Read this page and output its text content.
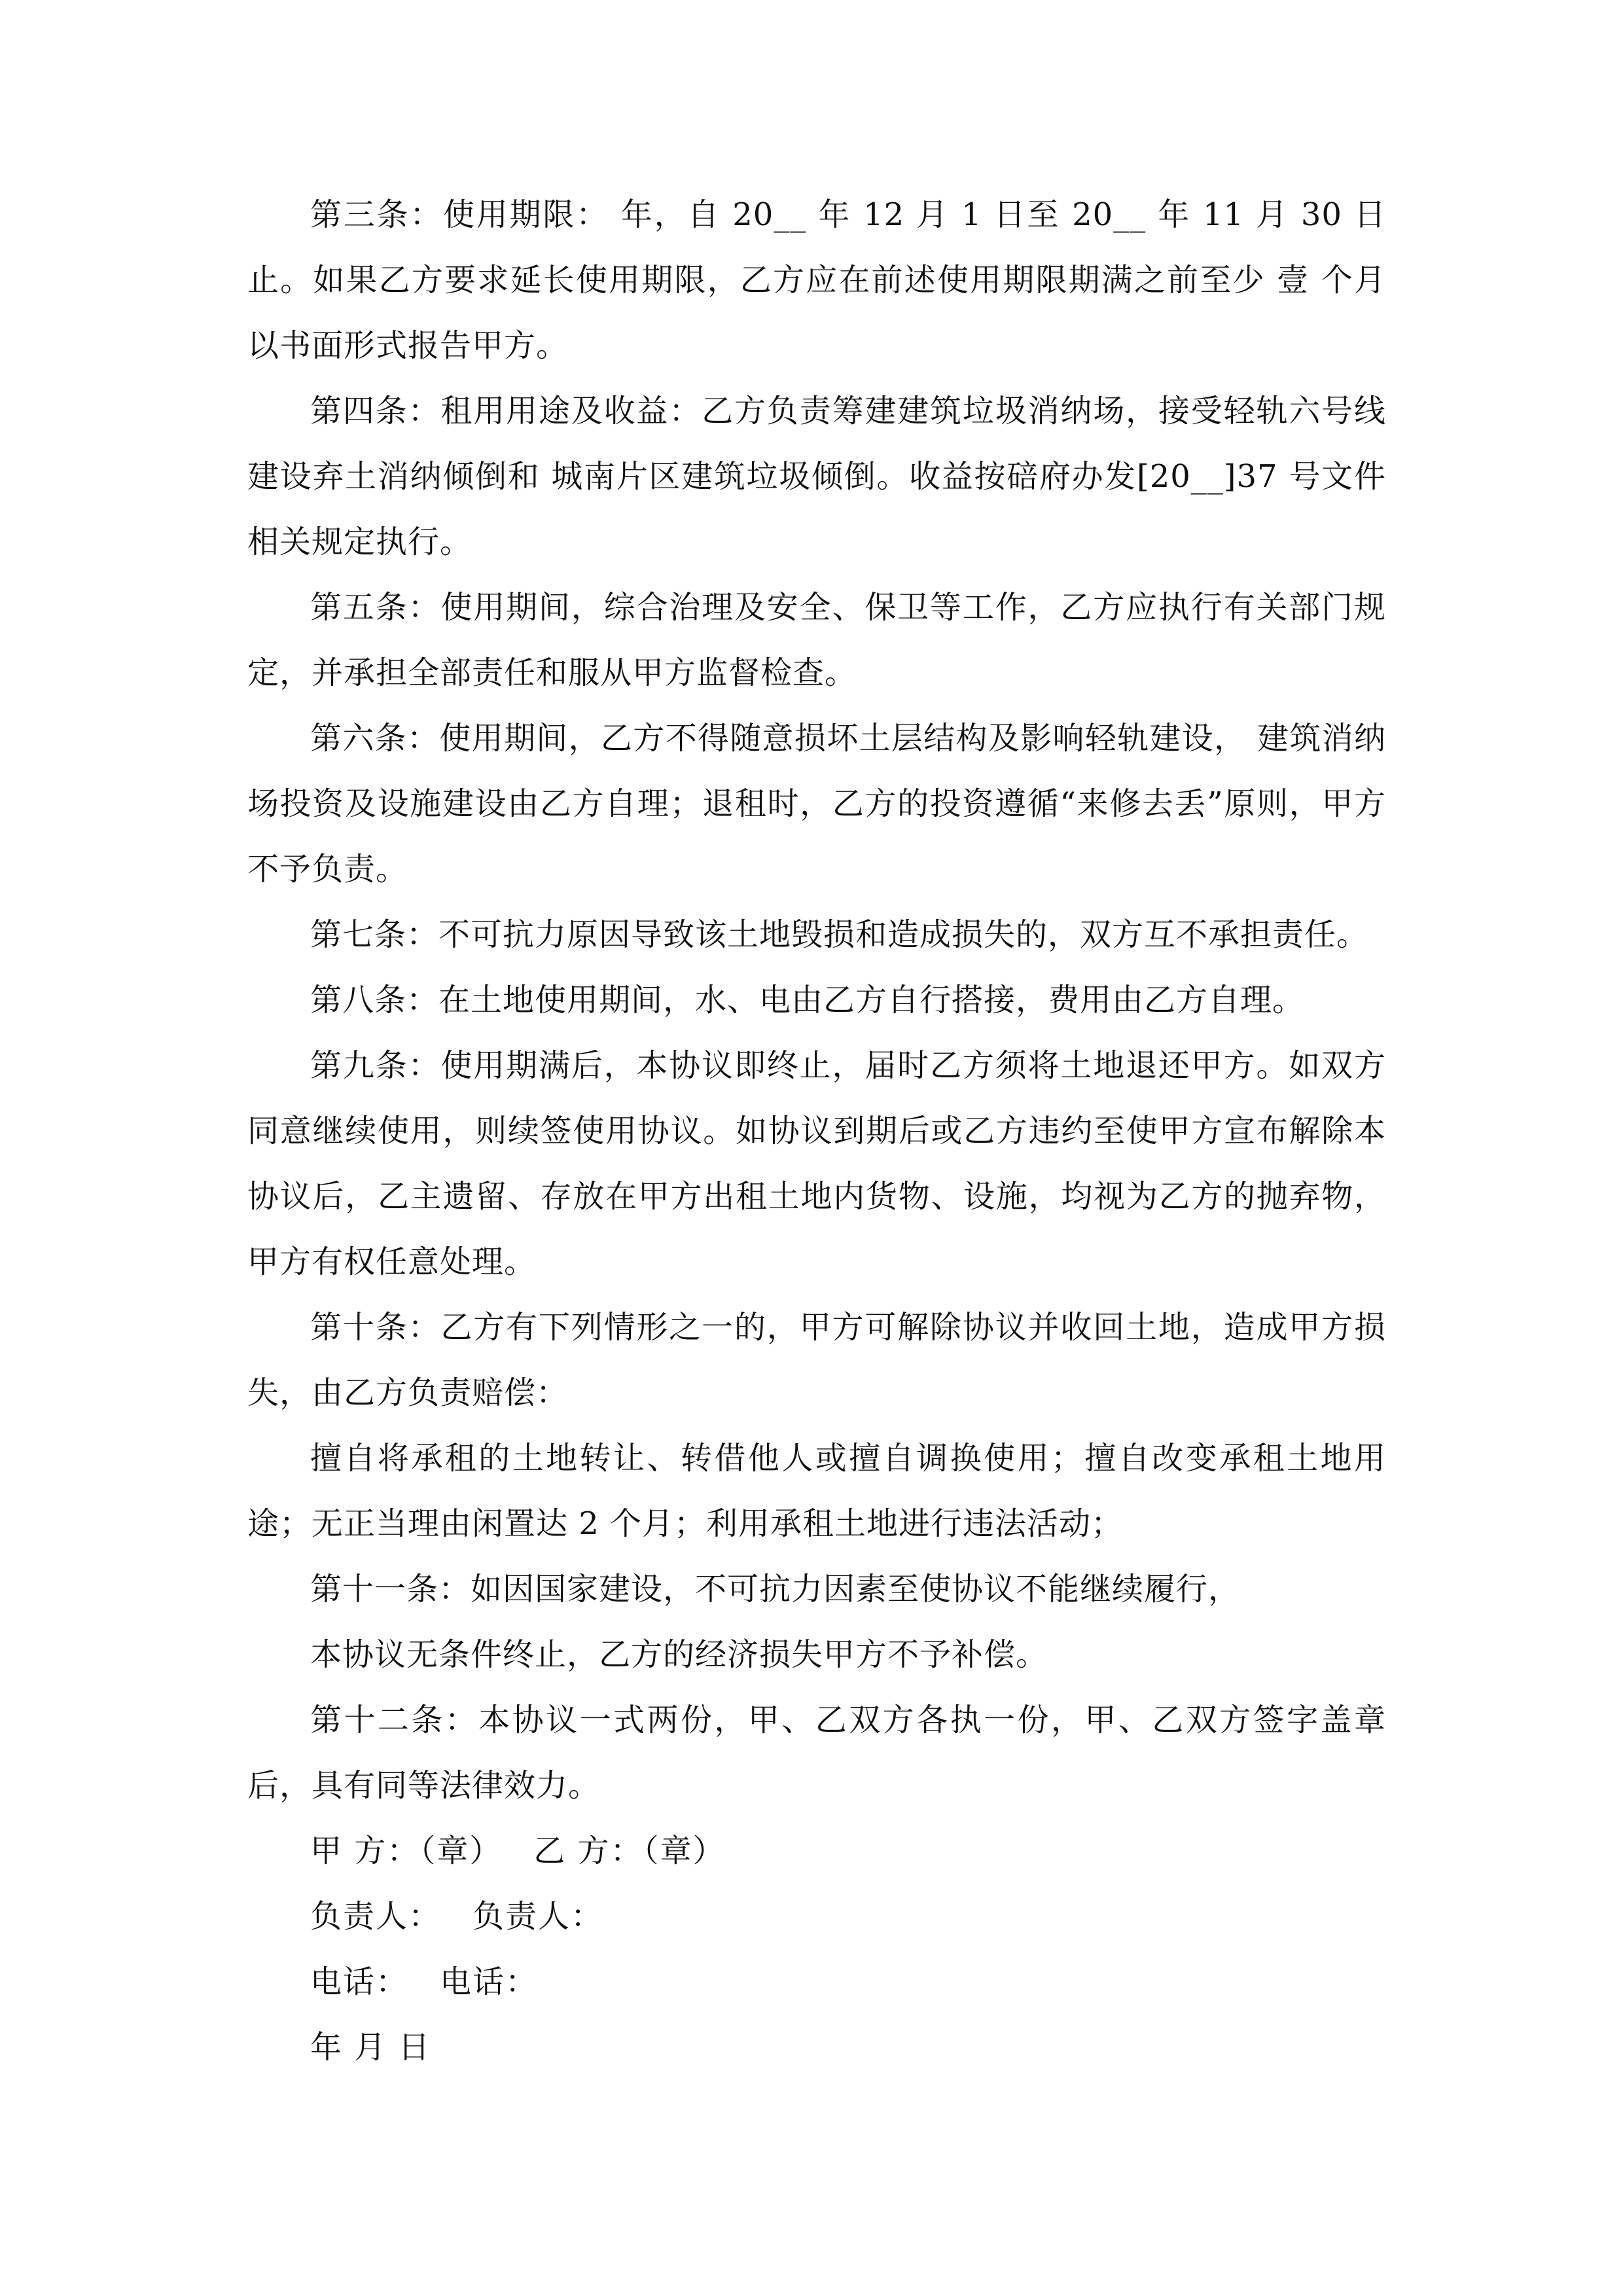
第三条：使用期限： 年，自 20__ 年 12 月 1 日至 20__ 年 11 月 30 日止。如果乙方要求延长使用期限，乙方应在前述使用期限期满之前至少 壹 个月以书面形式报告甲方。

第四条：租用用途及收益：乙方负责筹建建筑垃圾消纳场，接受轻轨六号线建设弃土消纳倾倒和 城南片区建筑垃圾倾倒。收益按碚府办发[20__]37 号文件相关规定执行。

第五条：使用期间，综合治理及安全、保卫等工作，乙方应执行有关部门规定，并承担全部责任和服从甲方监督检查。

第六条：使用期间，乙方不得随意损坏土层结构及影响轻轨建设， 建筑消纳场投资及设施建设由乙方自理；退租时，乙方的投资遵循“来修去丢”原则，甲方不予负责。

第七条：不可抗力原因导致该土地毁损和造成损失的，双方互不承担责任。

第八条：在土地使用期间，水、电由乙方自行搭接，费用由乙方自理。

第九条：使用期满后，本协议即终止，届时乙方须将土地退还甲方。如双方同意继续使用，则续签使用协议。如协议到期后或乙方违约至使甲方宣布解除本协议后，乙主遗留、存放在甲方出租土地内货物、设施，均视为乙方的抛弃物，甲方有权任意处理。

第十条：乙方有下列情形之一的，甲方可解除协议并收回土地，造成甲方损失，由乙方负责赔偿：

擅自将承租的土地转让、转借他人或擅自调换使用；擅自改变承租土地用途；无正当理由闲置达 2 个月；利用承租土地进行违法活动；

第十一条：如因国家建设，不可抗力因素至使协议不能继续履行，

本协议无条件终止，乙方的经济损失甲方不予补偿。

第十二条：本协议一式两份，甲、乙双方各执一份，甲、乙双方签字盖章后，具有同等法律效力。

甲 方：（章） 乙 方：（章）

负责人： 负责人：

电话： 电话：

年 月 日
